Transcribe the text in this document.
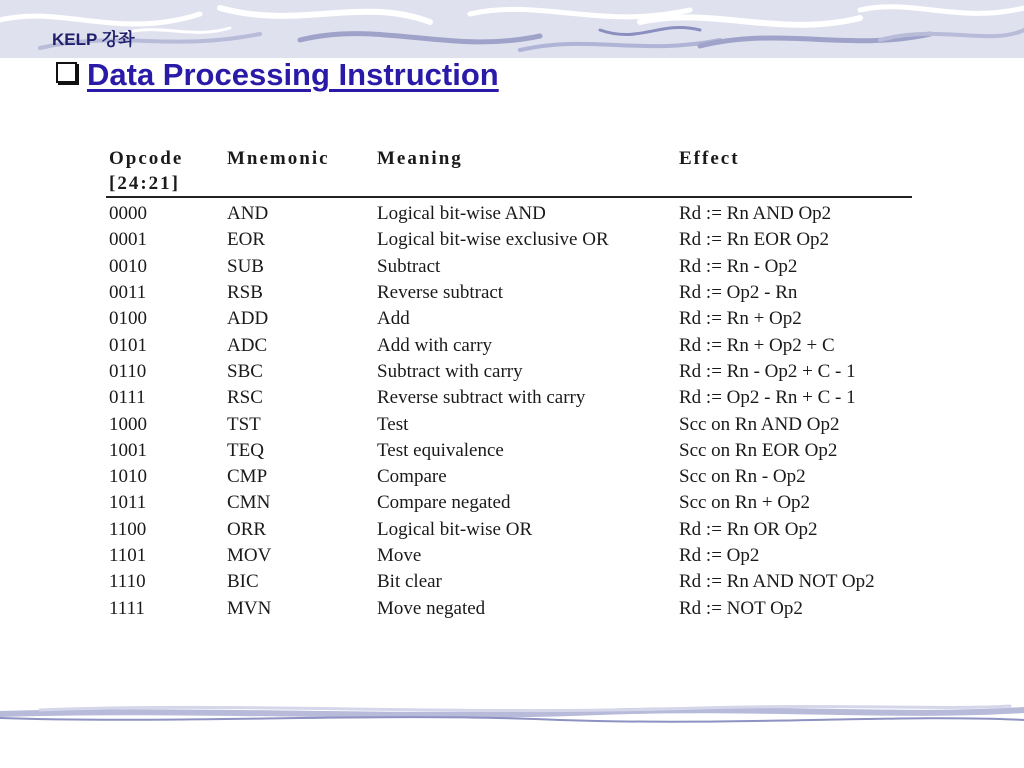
KELP 강좌
Data Processing Instruction
Opcode
[24:21]	Mnemonic	Meaning	Effect
0000	AND	Logical bit-wise AND	Rd := Rn AND Op2
0001	EOR	Logical bit-wise exclusive OR	Rd := Rn EOR Op2
0010	SUB	Subtract	Rd := Rn - Op2
0011	RSB	Reverse subtract	Rd := Op2 - Rn
0100	ADD	Add	Rd := Rn + Op2
0101	ADC	Add with carry	Rd := Rn + Op2 + C
0110	SBC	Subtract with carry	Rd := Rn - Op2 + C - 1
0111	RSC	Reverse subtract with carry	Rd := Op2 - Rn + C - 1
1000	TST	Test	Scc on Rn AND Op2
1001	TEQ	Test equivalence	Scc on Rn EOR Op2
1010	CMP	Compare	Scc on Rn - Op2
1011	CMN	Compare negated	Scc on Rn + Op2
1100	ORR	Logical bit-wise OR	Rd := Rn OR Op2
1101	MOV	Move	Rd := Op2
1110	BIC	Bit clear	Rd := Rn AND NOT Op2
1111	MVN	Move negated	Rd := NOT Op2
